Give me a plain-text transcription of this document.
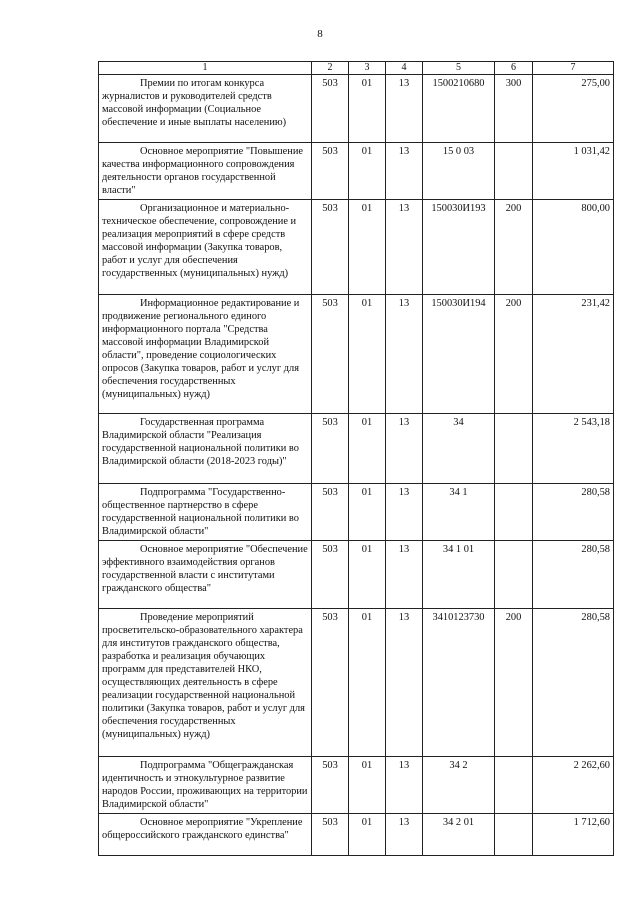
8
1	2	3	4	5	6	7
Премии по итогам конкурса журналистов и руководителей средств массовой информации (Социальное обеспечение и иные выплаты населению)	503	01	13	1500210680	300	275,00
Основное мероприятие "Повышение качества информационного сопровождения деятельности органов государственной власти"	503	01	13	15 0 03		1 031,42
Организационное и материально-техническое обеспечение, сопровождение и реализация мероприятий в сфере средств массовой информации (Закупка товаров, работ и услуг для обеспечения государственных (муниципальных) нужд)	503	01	13	150030И193	200	800,00
Информационное редактирование и продвижение регионального единого информационного портала "Средства массовой информации Владимирской области", проведение социологических опросов (Закупка товаров, работ и услуг для обеспечения государственных (муниципальных) нужд)	503	01	13	150030И194	200	231,42
Государственная программа Владимирской области "Реализация государственной национальной политики во Владимирской области (2018-2023 годы)"	503	01	13	34		2 543,18
Подпрограмма "Государственно-общественное партнерство в сфере государственной национальной политики во Владимирской области"	503	01	13	34 1		280,58
Основное мероприятие "Обеспечение эффективного взаимодействия органов государственной власти с институтами гражданского общества"	503	01	13	34 1 01		280,58
Проведение мероприятий просветительско-образовательного характера для институтов гражданского общества, разработка и реализация обучающих программ для представителей НКО, осуществляющих деятельность в сфере реализации государственной национальной политики (Закупка товаров, работ и услуг для обеспечения государственных (муниципальных) нужд)	503	01	13	3410123730	200	280,58
Подпрограмма "Общегражданская идентичность и этнокультурное развитие народов России, проживающих на территории Владимирской области"	503	01	13	34 2		2 262,60
Основное мероприятие "Укрепление общероссийского гражданского единства"	503	01	13	34 2 01		1 712,60
